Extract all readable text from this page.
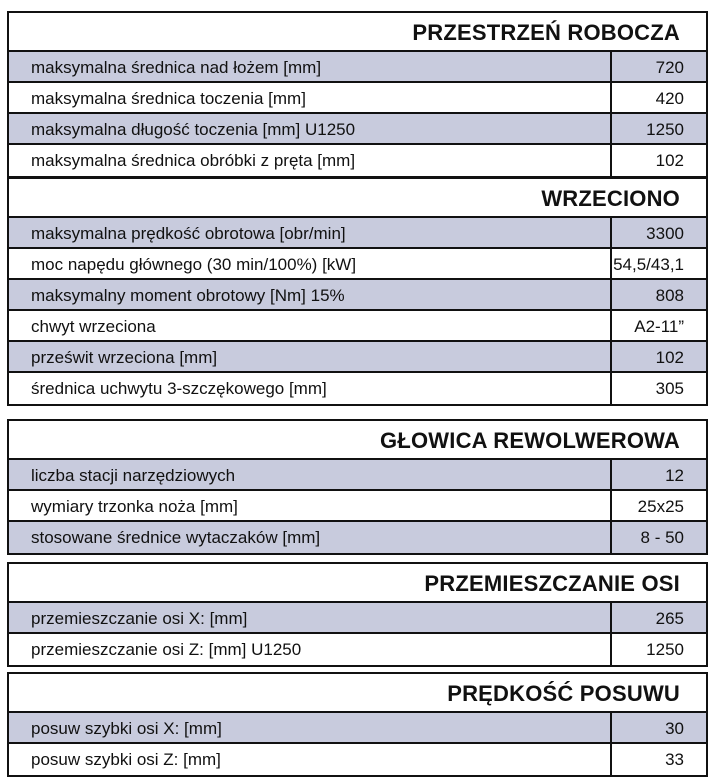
PRZESTRZEŃ ROBOCZA
maksymalna średnica nad łożem [mm]	720
maksymalna średnica toczenia [mm]	420
maksymalna długość toczenia [mm] U1250	1250
maksymalna średnica obróbki z pręta [mm]	102
WRZECIONO
maksymalna prędkość obrotowa [obr/min]	3300
moc napędu głównego (30 min/100%) [kW]	54,5/43,1
maksymalny moment obrotowy [Nm] 15%	808
chwyt wrzeciona	A2-11”
prześwit wrzeciona [mm]	102
średnica uchwytu 3-szczękowego [mm]	305
GŁOWICA REWOLWEROWA
liczba stacji narzędziowych	12
wymiary trzonka noża [mm]	25x25
stosowane średnice wytaczaków [mm]	8 - 50
PRZEMIESZCZANIE OSI
przemieszczanie osi X: [mm]	265
przemieszczanie osi Z: [mm] U1250	1250
PRĘDKOŚĆ POSUWU
posuw szybki osi X: [mm]	30
posuw szybki osi Z: [mm]	33
